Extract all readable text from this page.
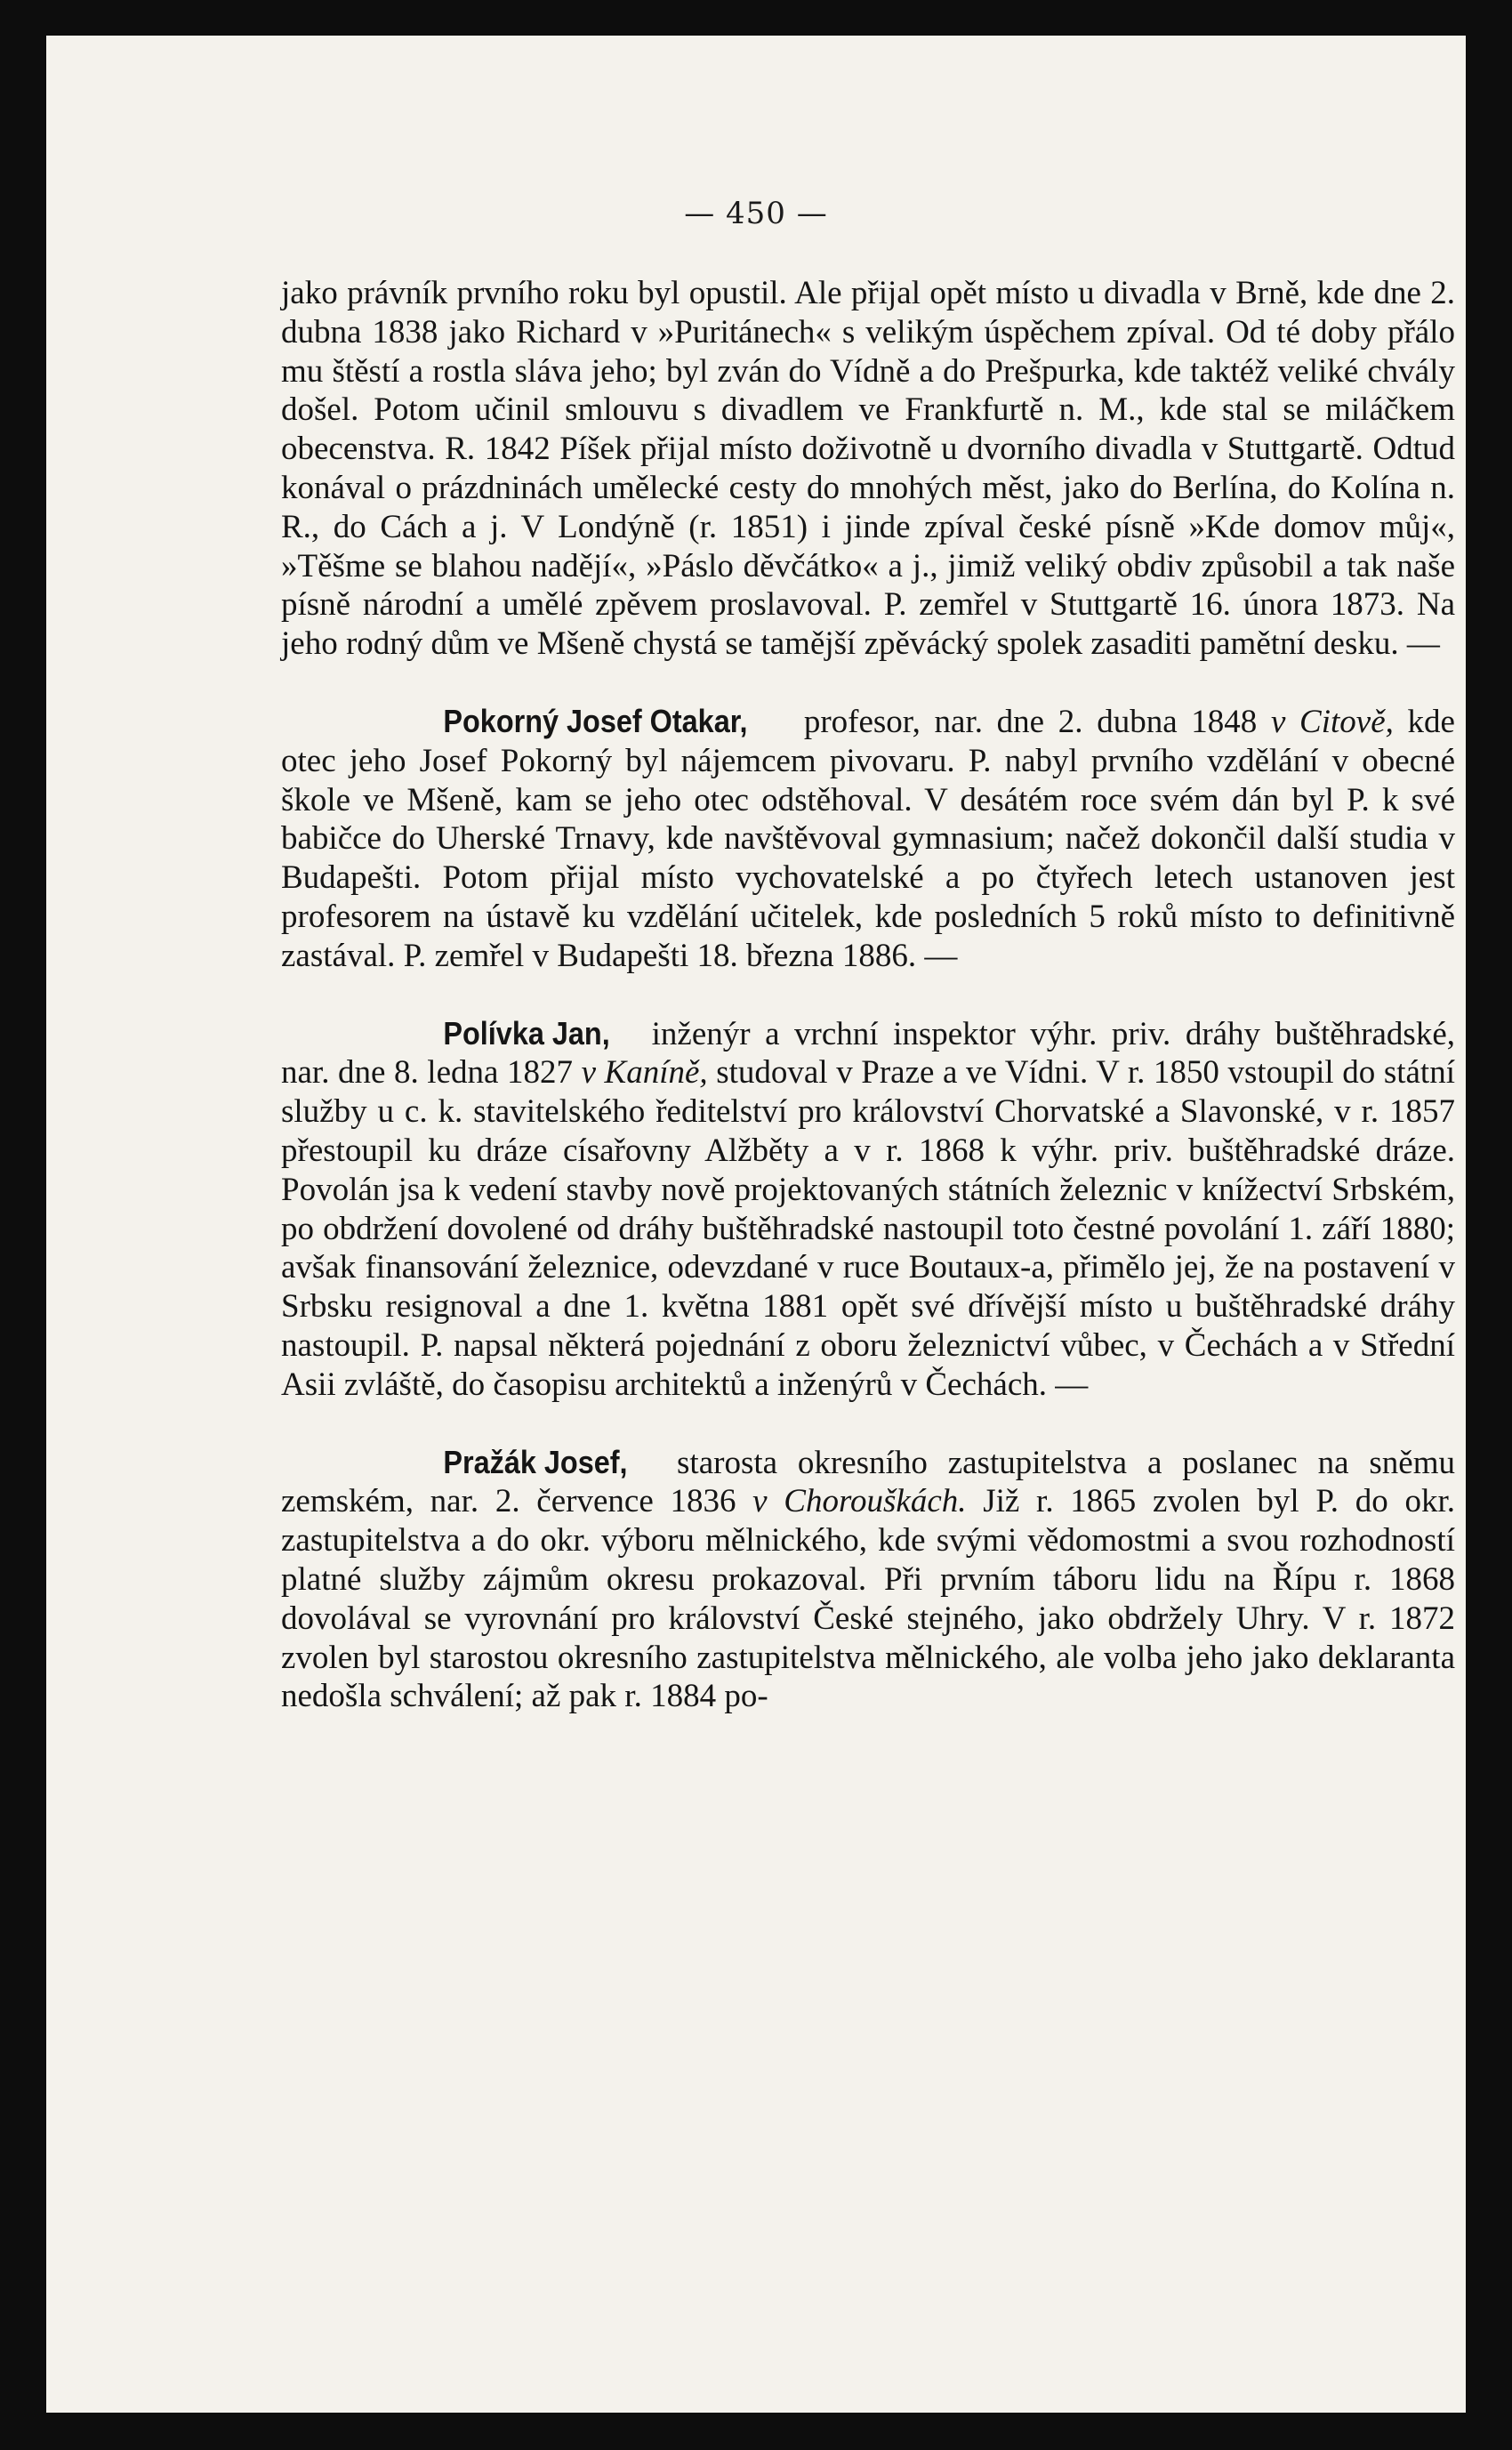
— 450 —

jako právník prvního roku byl opustil. Ale přijal opět místo u divadla v Brně, kde dne 2. dubna 1838 jako Richard v »Puritánech« s velikým úspěchem zpíval. Od té doby přálo mu štěstí a rostla sláva jeho; byl zván do Vídně a do Prešpurka, kde taktéž veliké chvály došel. Potom učinil smlouvu s divadlem ve Frankfurtě n. M., kde stal se miláčkem obecenstva. R. 1842 Píšek přijal místo doživotně u dvorního divadla v Stuttgartě. Odtud konával o prázdninách umělecké cesty do mnohých měst, jako do Berlína, do Kolína n. R., do Cách a j. V Londýně (r. 1851) i jinde zpíval české písně »Kde domov můj«, »Těšme se blahou nadějí«, »Páslo děvčátko« a j., jimiž veliký obdiv způsobil a tak naše písně národní a umělé zpěvem proslavoval. P. zemřel v Stuttgartě 16. února 1873. Na jeho rodný dům ve Mšeně chystá se tamější zpěvácký spolek zasaditi pamětní desku. —

Pokorný Josef Otakar, profesor, nar. dne 2. dubna 1848 v Citově, kde otec jeho Josef Pokorný byl nájemcem pivovaru. P. nabyl prvního vzdělání v obecné škole ve Mšeně, kam se jeho otec odstěhoval. V desátém roce svém dán byl P. k své babičce do Uherské Trnavy, kde navštěvoval gymnasium; načež dokončil další studia v Budapešti. Potom přijal místo vychovatelské a po čtyřech letech ustanoven jest profesorem na ústavě ku vzdělání učitelek, kde posledních 5 roků místo to definitivně zastával. P. zemřel v Budapešti 18. března 1886. —

Polívka Jan, inženýr a vrchní inspektor výhr. priv. dráhy buštěhradské, nar. dne 8. ledna 1827 v Kaníně, studoval v Praze a ve Vídni. V r. 1850 vstoupil do státní služby u c. k. stavitelského ředitelství pro království Chorvatské a Slavonské, v r. 1857 přestoupil ku dráze císařovny Alžběty a v r. 1868 k výhr. priv. buštěhradské dráze. Povolán jsa k vedení stavby nově projektovaných státních železnic v knížectví Srbském, po obdržení dovolené od dráhy buštěhradské nastoupil toto čestné povolání 1. září 1880; avšak finansování železnice, odevzdané v ruce Boutaux-a, přimělo jej, že na postavení v Srbsku resignoval a dne 1. května 1881 opět své dřívější místo u buštěhradské dráhy nastoupil. P. napsal některá pojednání z oboru železnictví vůbec, v Čechách a v Střední Asii zvláště, do časopisu architektů a inženýrů v Čechách. —

Pražák Josef, starosta okresního zastupitelstva a poslanec na sněmu zemském, nar. 2. července 1836 v Chorouškách. Již r. 1865 zvolen byl P. do okr. zastupitelstva a do okr. výboru mělnického, kde svými vědomostmi a svou rozhodností platné služby zájmům okresu prokazoval. Při prvním táboru lidu na Řípu r. 1868 dovolával se vyrovnání pro království České stejného, jako obdržely Uhry. V r. 1872 zvolen byl starostou okresního zastupitelstva mělnického, ale volba jeho jako deklaranta nedošla schválení; až pak r. 1884 po-
